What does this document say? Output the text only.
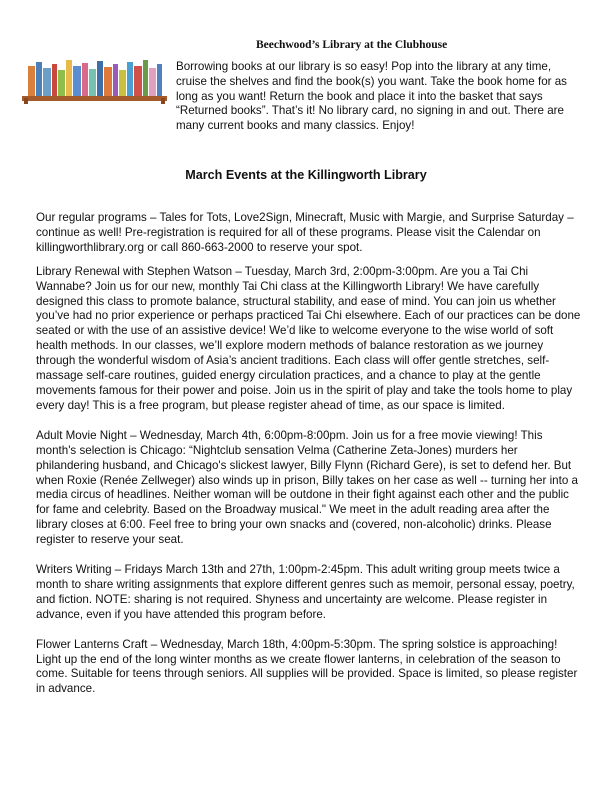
Beechwood’s Library at the Clubhouse

Borrowing books at our library is so easy! Pop into the library at any time, cruise the shelves and find the book(s) you want. Take the book home for as long as you want! Return the book and place it into the basket that says “Returned books”. That’s it! No library card, no signing in and out. There are many current books and many classics. Enjoy!

March Events at the Killingworth Library

Our regular programs – Tales for Tots, Love2Sign, Minecraft, Music with Margie, and Surprise Saturday – continue as well! Pre-registration is required for all of these programs. Please visit the Calendar on killingworthlibrary.org or call 860-663-2000 to reserve your spot.

Library Renewal with Stephen Watson – Tuesday, March 3rd, 2:00pm-3:00pm. Are you a Tai Chi Wannabe? Join us for our new, monthly Tai Chi class at the Killingworth Library! We have carefully designed this class to promote balance, structural stability, and ease of mind. You can join us whether you’ve had no prior experience or perhaps practiced Tai Chi elsewhere. Each of our practices can be done seated or with the use of an assistive device! We’d like to welcome everyone to the wise world of soft health methods. In our classes, we’ll explore modern methods of balance restoration as we journey through the wonderful wisdom of Asia’s ancient traditions. Each class will offer gentle stretches, self-massage self-care routines, guided energy circulation practices, and a chance to play at the gentle movements famous for their power and poise. Join us in the spirit of play and take the tools home to play every day! This is a free program, but please register ahead of time, as our space is limited.

Adult Movie Night – Wednesday, March 4th, 6:00pm-8:00pm. Join us for a free movie viewing! This month's selection is Chicago: “Nightclub sensation Velma (Catherine Zeta-Jones) murders her philandering husband, and Chicago's slickest lawyer, Billy Flynn (Richard Gere), is set to defend her. But when Roxie (Renée Zellweger) also winds up in prison, Billy takes on her case as well -- turning her into a media circus of headlines. Neither woman will be outdone in their fight against each other and the public for fame and celebrity. Based on the Broadway musical." We meet in the adult reading area after the library closes at 6:00. Feel free to bring your own snacks and (covered, non-alcoholic) drinks. Please register to reserve your seat.

Writers Writing – Fridays March 13th and 27th, 1:00pm-2:45pm. This adult writing group meets twice a month to share writing assignments that explore different genres such as memoir, personal essay, poetry, and fiction. NOTE: sharing is not required. Shyness and uncertainty are welcome. Please register in advance, even if you have attended this program before.

Flower Lanterns Craft – Wednesday, March 18th, 4:00pm-5:30pm. The spring solstice is approaching! Light up the end of the long winter months as we create flower lanterns, in celebration of the season to come. Suitable for teens through seniors. All supplies will be provided. Space is limited, so please register in advance.
